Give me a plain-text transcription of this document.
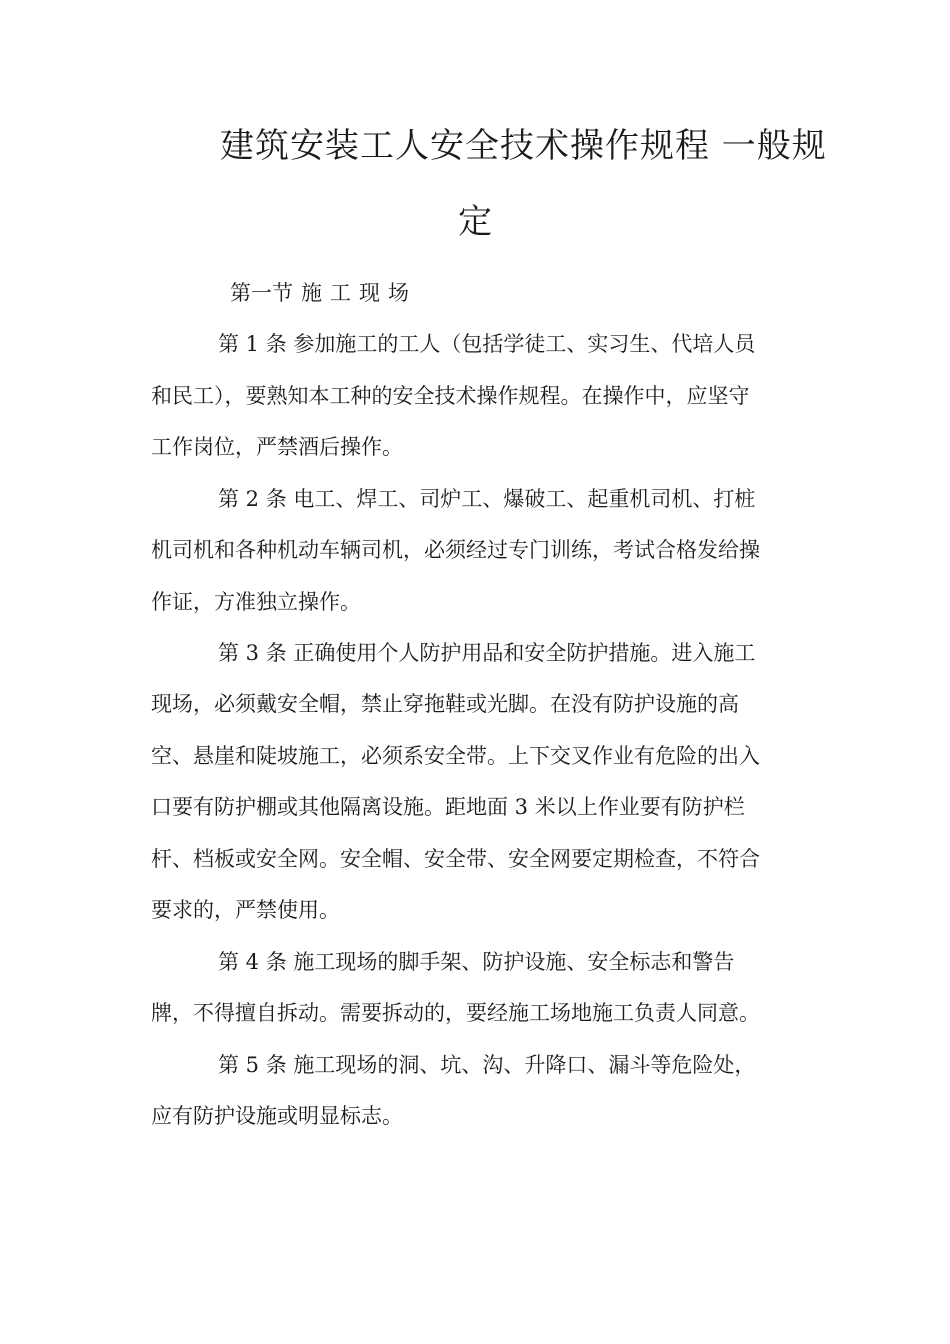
建筑安装工人安全技术操作规程 一般规
定
第一节 施 工 现 场
第 1 条 参加施工的工人（包括学徒工、实习生、代培人员
和民工），要熟知本工种的安全技术操作规程。在操作中，应坚守
工作岗位，严禁酒后操作。
第 2 条 电工、焊工、司炉工、爆破工、起重机司机、打桩
机司机和各种机动车辆司机，必须经过专门训练，考试合格发给操
作证，方准独立操作。
第 3 条 正确使用个人防护用品和安全防护措施。进入施工
现场，必须戴安全帽，禁止穿拖鞋或光脚。在没有防护设施的高
空、悬崖和陡坡施工，必须系安全带。上下交叉作业有危险的出入
口要有防护棚或其他隔离设施。距地面 3 米以上作业要有防护栏
杆、档板或安全网。安全帽、安全带、安全网要定期检查，不符合
要求的，严禁使用。
第 4 条 施工现场的脚手架、防护设施、安全标志和警告
牌，不得擅自拆动。需要拆动的，要经施工场地施工负责人同意。
第 5 条 施工现场的洞、坑、沟、升降口、漏斗等危险处，
应有防护设施或明显标志。
